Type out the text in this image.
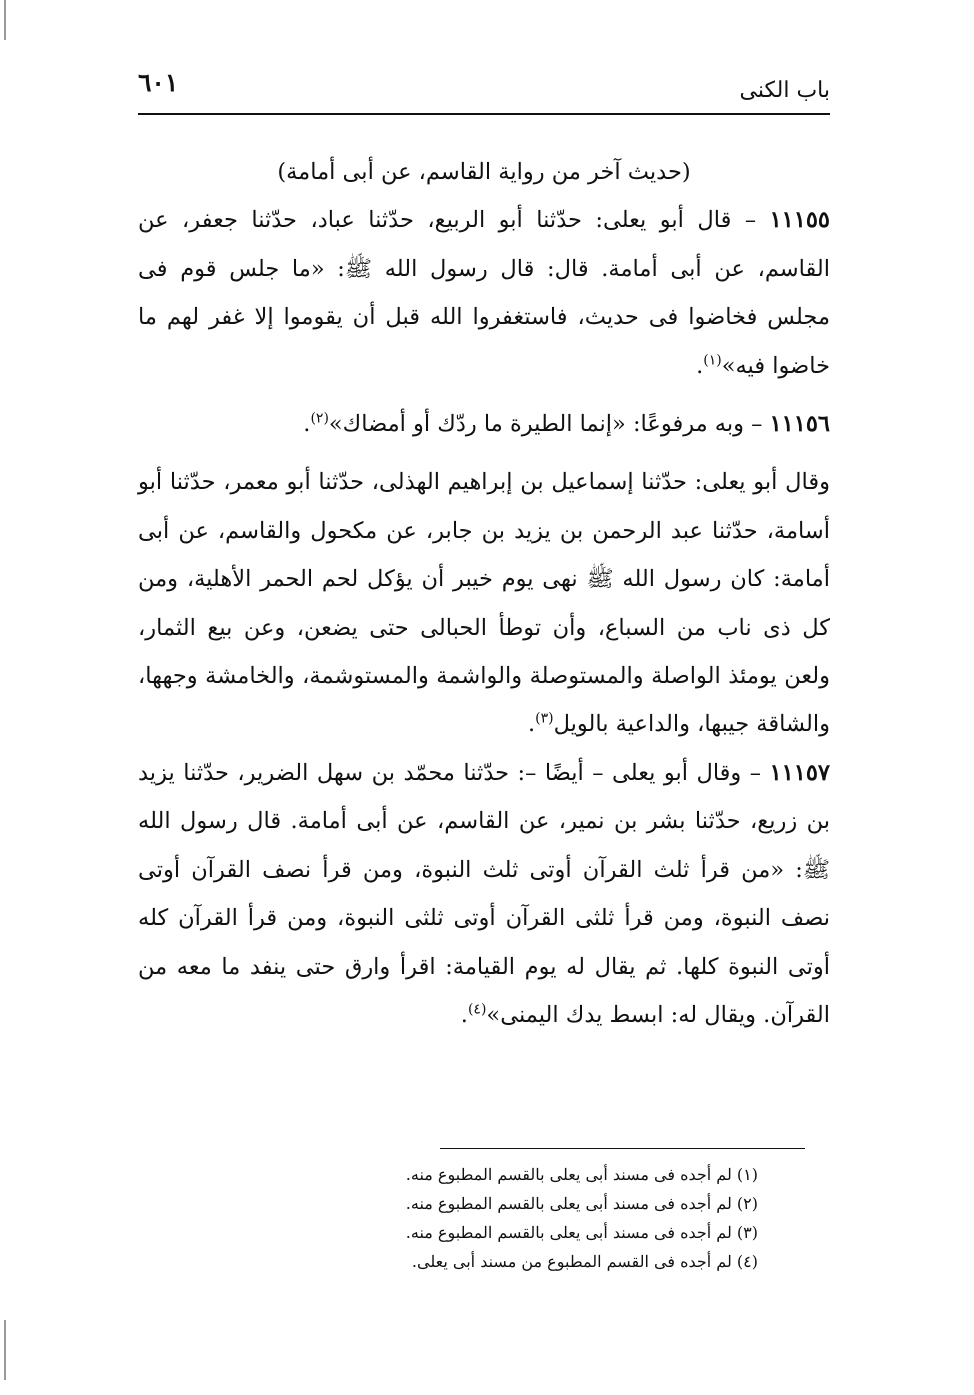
باب الكنى
٦٠١

(حديث آخر من رواية القاسم، عن أبى أمامة)

١١١٥٥ – قال أبو يعلى: حدّثنا أبو الربيع، حدّثنا عباد، حدّثنا جعفر، عن القاسم، عن أبى أمامة. قال: قال رسول الله ﷺ: «ما جلس قوم فى مجلس فخاضوا فى حديث، فاستغفروا الله قبل أن يقوموا إلا غفر لهم ما خاضوا فيه»$^{(١)}$.

١١١٥٦ – وبه مرفوعًا: «إنما الطيرة ما ردّك أو أمضاك»$^{(٢)}$.

وقال أبو يعلى: حدّثنا إسماعيل بن إبراهيم الهذلى، حدّثنا أبو معمر، حدّثنا أبو أسامة، حدّثنا عبد الرحمن بن يزيد بن جابر، عن مكحول والقاسم، عن أبى أمامة: كان رسول الله ﷺ نهى يوم خيبر أن يؤكل لحم الحمر الأهلية، ومن كل ذى ناب من السباع، وأن توطأ الحبالى حتى يضعن، وعن بيع الثمار، ولعن يومئذ الواصلة والمستوصلة والواشمة والمستوشمة، والخامشة وجهها، والشاقة جيبها، والداعية بالويل$^{(٣)}$.

١١١٥٧ – وقال أبو يعلى – أيضًا –: حدّثنا محمّد بن سهل الضرير، حدّثنا يزيد بن زريع، حدّثنا بشر بن نمير، عن القاسم، عن أبى أمامة. قال رسول الله ﷺ: «من قرأ ثلث القرآن أوتى ثلث النبوة، ومن قرأ نصف القرآن أوتى نصف النبوة، ومن قرأ ثلثى القرآن أوتى ثلثى النبوة، ومن قرأ القرآن كله أوتى النبوة كلها. ثم يقال له يوم القيامة: اقرأ وارق حتى ينفد ما معه من القرآن. ويقال له: ابسط يدك اليمنى»$^{(٤)}$.

(١) لم أجده فى مسند أبى يعلى بالقسم المطبوع منه.

(٢) لم أجده فى مسند أبى يعلى بالقسم المطبوع منه.

(٣) لم أجده فى مسند أبى يعلى بالقسم المطبوع منه.

(٤) لم أجده فى القسم المطبوع من مسند أبى يعلى.
